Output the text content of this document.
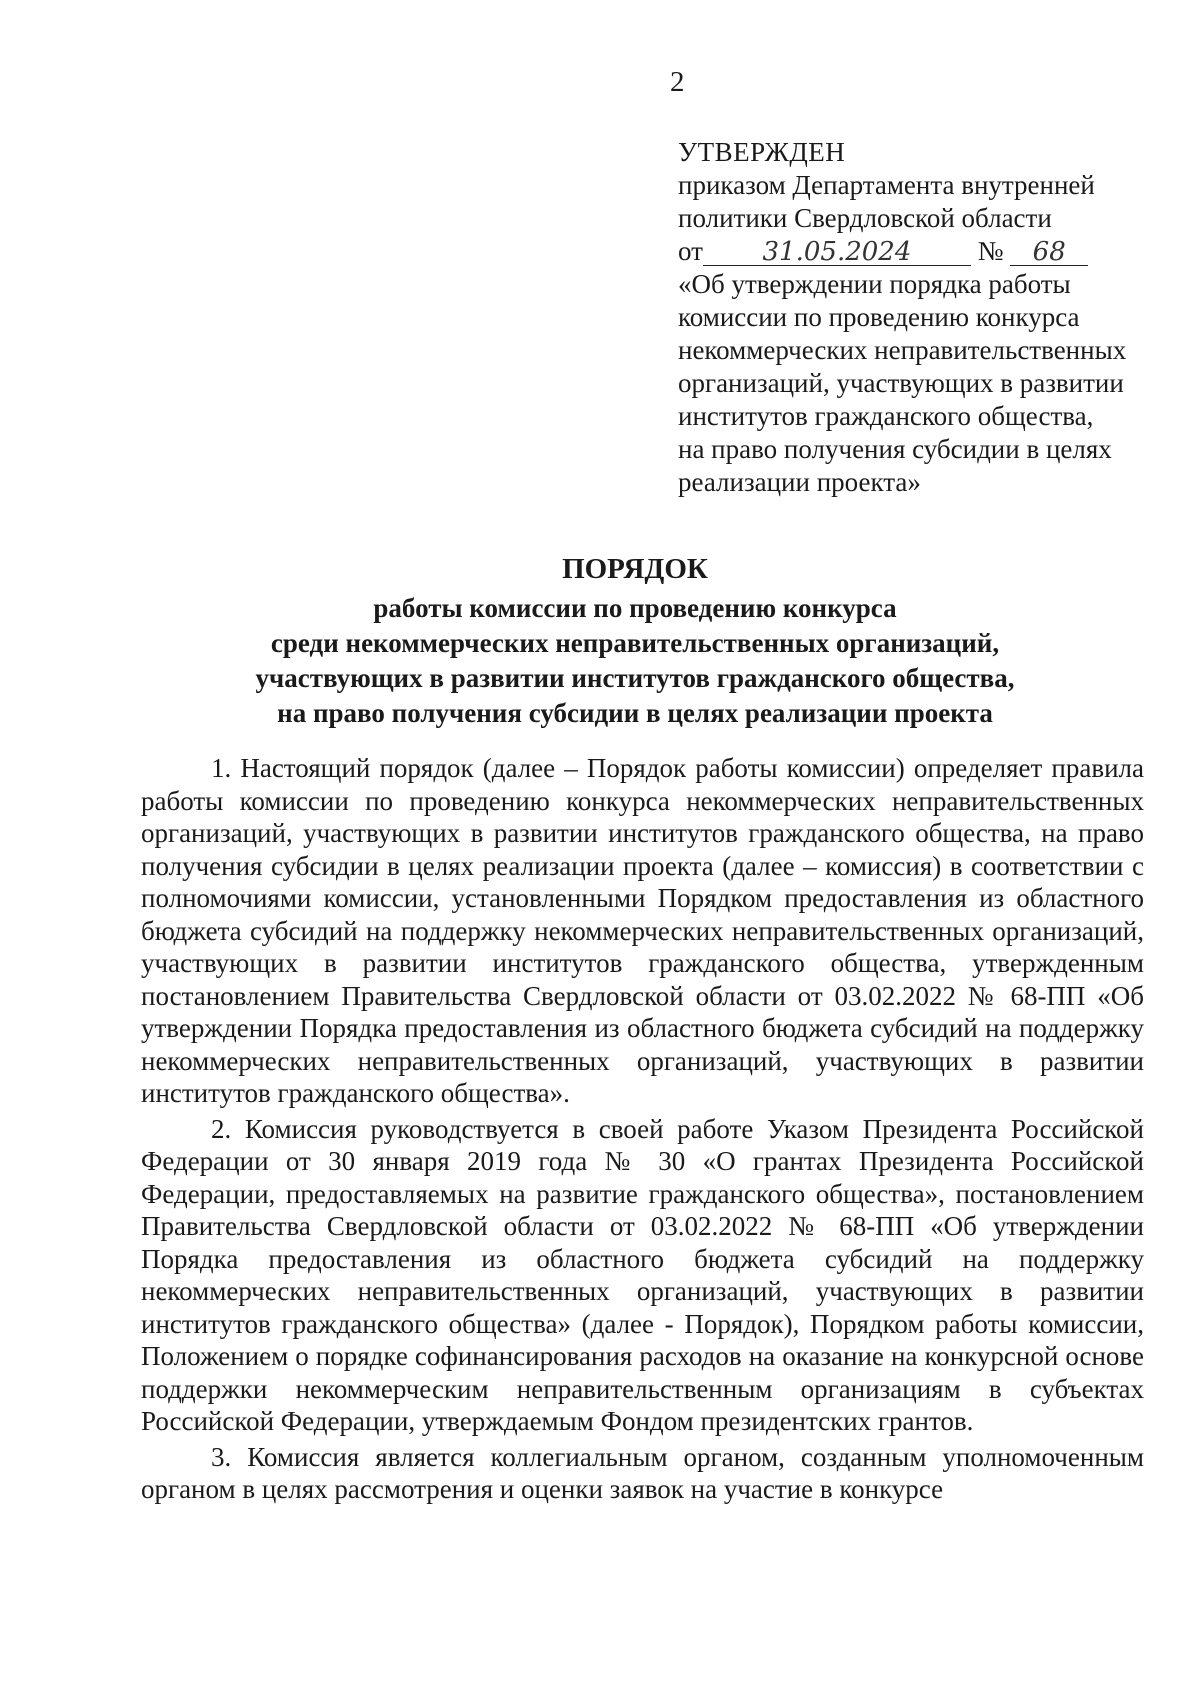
2
УТВЕРЖДЕН
приказом Департамента внутренней
политики Свердловской области
от 31.05.2024 № 68
«Об утверждении порядка работы
комиссии по проведению конкурса
некоммерческих неправительственных
организаций, участвующих в развитии
институтов гражданского общества,
на право получения субсидии в целях
реализации проекта»
ПОРЯДОК
работы комиссии по проведению конкурса
среди некоммерческих неправительственных организаций,
участвующих в развитии институтов гражданского общества,
на право получения субсидии в целях реализации проекта

1. Настоящий порядок (далее – Порядок работы комиссии) определяет правила работы комиссии по проведению конкурса некоммерческих неправительственных организаций, участвующих в развитии институтов гражданского общества, на право получения субсидии в целях реализации проекта (далее – комиссия) в соответствии с полномочиями комиссии, установленными Порядком предоставления из областного бюджета субсидий на поддержку некоммерческих неправительственных организаций, участвующих в развитии институтов гражданского общества, утвержденным постановлением Правительства Свердловской области от 03.02.2022 № 68-ПП «Об утверждении Порядка предоставления из областного бюджета субсидий на поддержку некоммерческих неправительственных организаций, участвующих в развитии институтов гражданского общества».

2. Комиссия руководствуется в своей работе Указом Президента Российской Федерации от 30 января 2019 года № 30 «О грантах Президента Российской Федерации, предоставляемых на развитие гражданского общества», постановлением Правительства Свердловской области от 03.02.2022 № 68-ПП «Об утверждении Порядка предоставления из областного бюджета субсидий на поддержку некоммерческих неправительственных организаций, участвующих в развитии институтов гражданского общества» (далее - Порядок), Порядком работы комиссии, Положением о порядке софинансирования расходов на оказание на конкурсной основе поддержки некоммерческим неправительственным организациям в субъектах Российской Федерации, утверждаемым Фондом президентских грантов.

3. Комиссия является коллегиальным органом, созданным уполномоченным органом в целях рассмотрения и оценки заявок на участие в конкурсе
